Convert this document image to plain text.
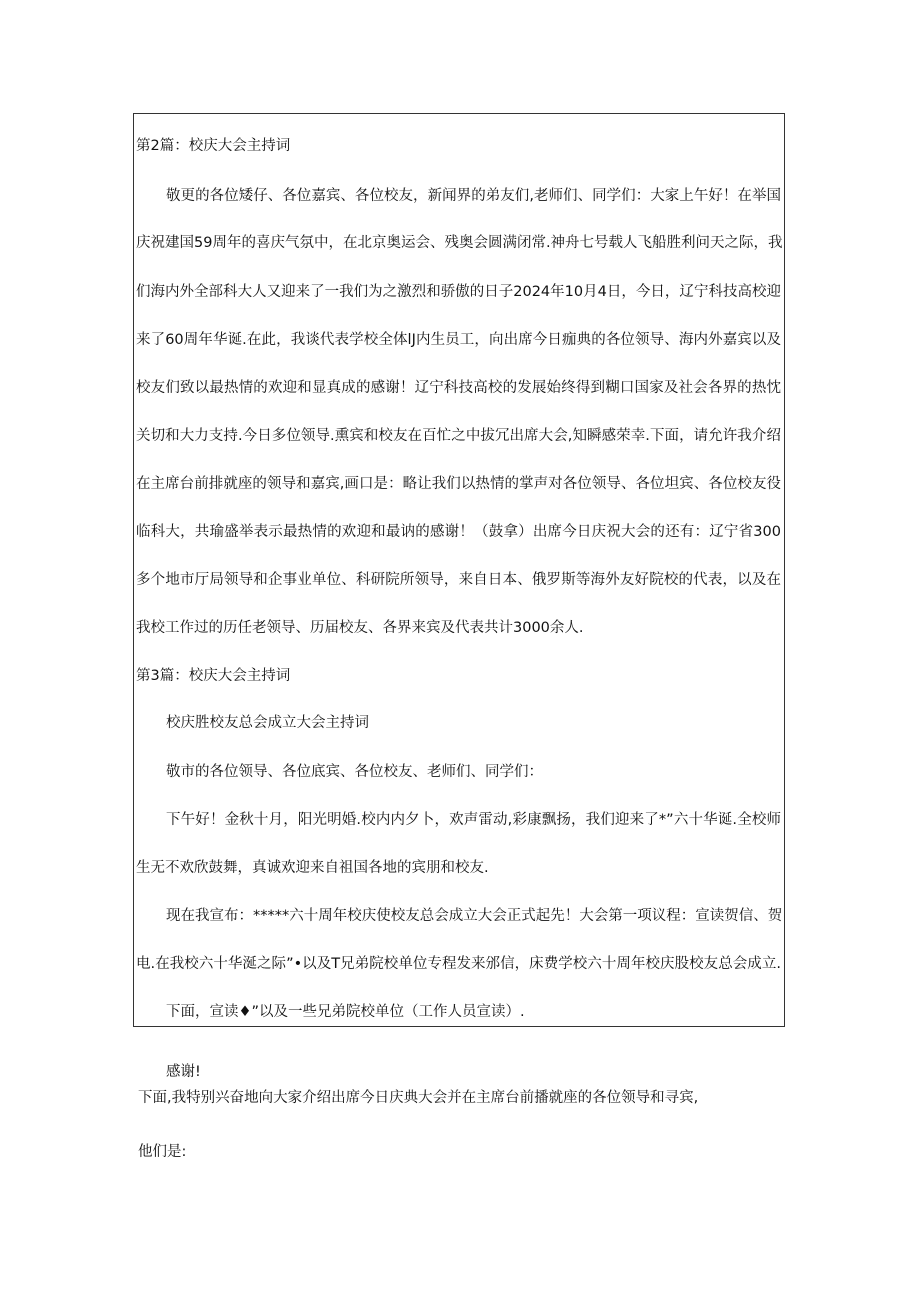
第2篇：校庆大会主持词
敬更的各位矮仔、各位嘉宾、各位校友，新闻界的弟友们,老师们、同学们：大家上午好！在举国
庆祝建国59周年的喜庆气氛中，在北京奥运会、残奥会圆满闭常.神舟七号载人飞船胜利问天之际，我
们海内外全部科大人又迎来了一我们为之激烈和骄傲的日子2024年10月4日，今日，辽宁科技高校迎
来了60周年华诞.在此，我谈代表学校全体lJ内生员工，向出席今日痂典的各位领导、海内外嘉宾以及
校友们致以最热情的欢迎和显真成的感谢！辽宁科技高校的发展始终得到糊口国家及社会各界的热忱
关切和大力支持.今日多位领导.熏宾和校友在百忙之中拔冗出席大会,知瞬感荣幸.下面，请允许我介绍
在主席台前排就座的领导和嘉宾,画口是：略让我们以热情的掌声对各位领导、各位坦宾、各位校友役
临科大，共瑜盛举表示最热情的欢迎和最讷的感谢！（鼓拿）出席今日庆祝大会的还有：辽宁省300
多个地市厅局领导和企事业单位、科研院所领导，来自日本、俄罗斯等海外友好院校的代表，以及在
我校工作过的历任老领导、历届校友、各界来宾及代表共计3000余人.
第3篇：校庆大会主持词
校庆胜校友总会成立大会主持词
敬市的各位领导、各位底宾、各位校友、老师们、同学们：
下午好！金秋十月，阳光明婚.校内内夕卜，欢声雷动,彩康飘扬，我们迎来了*”六十华诞.全校师
生无不欢欣鼓舞，真诚欢迎来自祖国各地的宾朋和校友.
现在我宣布：*****六十周年校庆使校友总会成立大会正式起先！大会第一项议程：宣读贺信、贺
电.在我校六十华涎之际”•以及T兄弟院校单位专程发来邠信，床费学校六十周年校庆股校友总会成立.
下面，宣读♦”以及一些兄弟院校单位（工作人员宣读）.
感谢!
下面,我特别兴奋地向大家介绍出席今日庆典大会并在主席台前播就座的各位领导和寻宾,
他们是:
